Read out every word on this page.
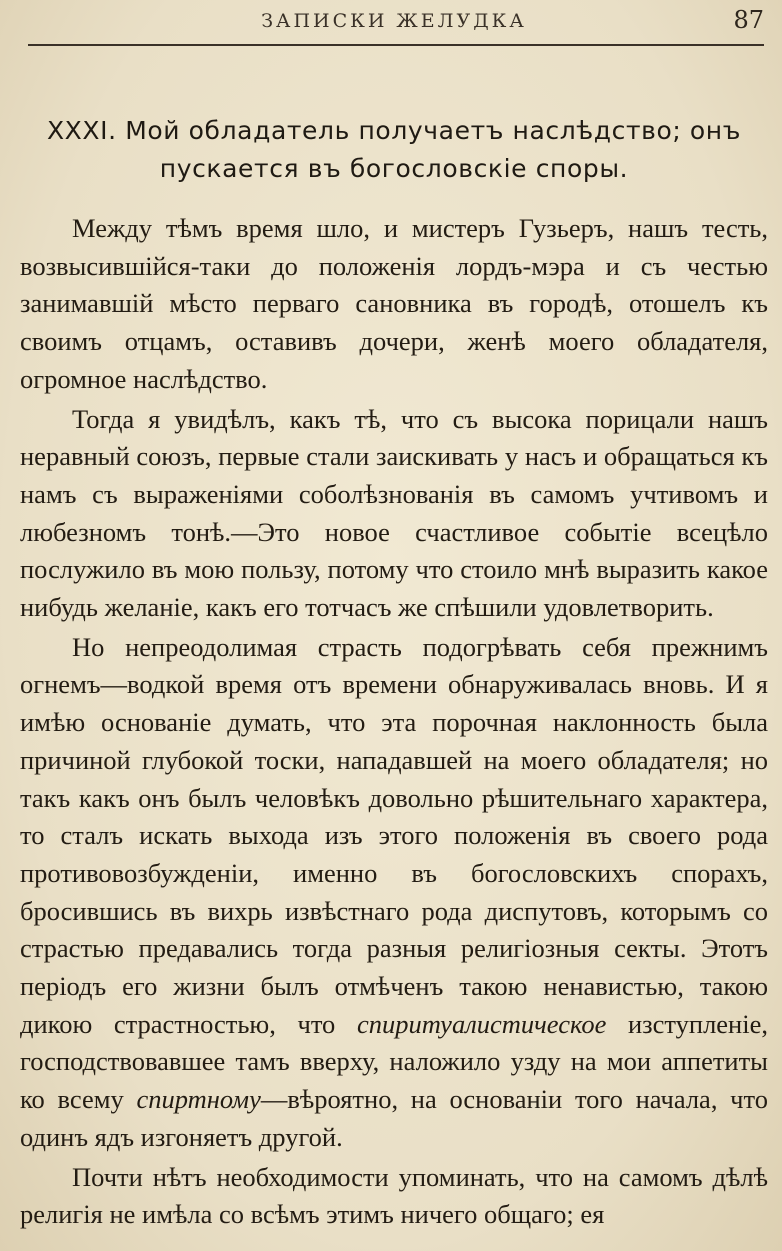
ЗАПИСКИ ЖЕЛУДКА	87
XXXI. Мой обладатель получаетъ наслѣдство; онъ
пускается въ богословскiе споры.

Между тѣмъ время шло, и мистеръ Гузьеръ, нашъ тесть, возвысившiйся-таки до положенiя лордъ-мэра и съ честью занимавшiй мѣсто перваго сановника въ городѣ, отошелъ къ своимъ отцамъ, оставивъ дочери, женѣ моего обладателя, огромное наслѣдство.

Тогда я увидѣлъ, какъ тѣ, что съ высока порицали нашъ неравный союзъ, первые стали заискивать у насъ и обращаться къ намъ съ выраженiями соболѣзнованiя въ самомъ учтивомъ и любезномъ тонѣ.—Это новое счастливое событiе всецѣло послужило въ мою пользу, потому что стоило мнѣ выразить какое нибудь желанiе, какъ его тотчасъ же спѣшили удовлетворить.

Но непреодолимая страсть подогрѣвать себя прежнимъ огнемъ—водкой время отъ времени обнаруживалась вновь. И я имѣю основанiе думать, что эта порочная наклонность была причиной глубокой тоски, нападавшей на моего обладателя; но такъ какъ онъ былъ человѣкъ довольно рѣшительнаго характера, то сталъ искать выхода изъ этого положенiя въ своего рода противовозбужденiи, именно въ богословскихъ спорахъ, бросившись въ вихрь извѣстнаго рода диспутовъ, которымъ со страстью предавались тогда разныя религiозныя секты. Этотъ перiодъ его жизни былъ отмѣченъ такою ненавистью, такою дикою страстностью, что спиритуалистическое изступленiе, господствовавшее тамъ вверху, наложило узду на мои аппетиты ко всему спиртному—вѣроятно, на основанiи того начала, что одинъ ядъ изгоняетъ другой.

Почти нѣтъ необходимости упоминать, что на самомъ дѣлѣ религiя не имѣла со всѣмъ этимъ ничего общаго; ея
